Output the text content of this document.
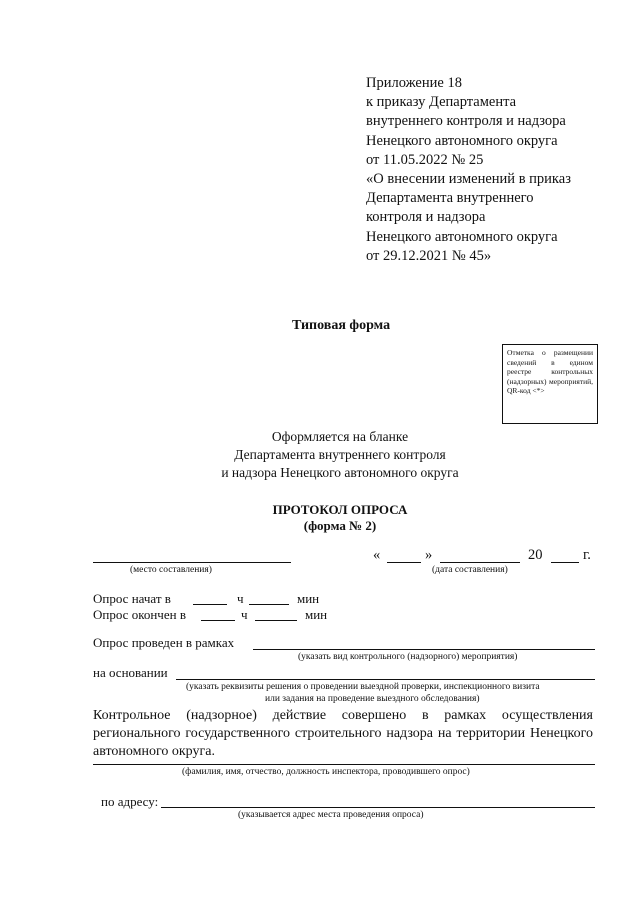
Приложение 18
к приказу Департамента
внутреннего контроля и надзора
Ненецкого автономного округа
от 11.05.2022 № 25
«О внесении изменений в приказ
Департамента внутреннего
контроля и надзора
Ненецкого автономного округа
от 29.12.2021 № 45»
Типовая форма
Отметка о размещении сведений в едином реестре контрольных (надзорных) мероприятий, QR-код <*>
Оформляется на бланке
Департамента внутреннего контроля
и надзора Ненецкого автономного округа
ПРОТОКОЛ ОПРОСА
(форма № 2)
(место составления)
«	»	20	г.
(дата составления)
Опрос начат в	ч	мин
Опрос окончен в	ч	мин
Опрос проведен в рамках
(указать вид контрольного (надзорного) мероприятия)
на основании
(указать реквизиты решения о проведении выездной проверки, инспекционного визита
или задания на проведение выездного обследования)
Контрольное (надзорное) действие совершено в рамках осуществления регионального государственного строительного надзора на территории Ненецкого автономного округа.
(фамилия, имя, отчество, должность инспектора, проводившего опрос)
по адресу:
(указывается адрес места проведения опроса)
